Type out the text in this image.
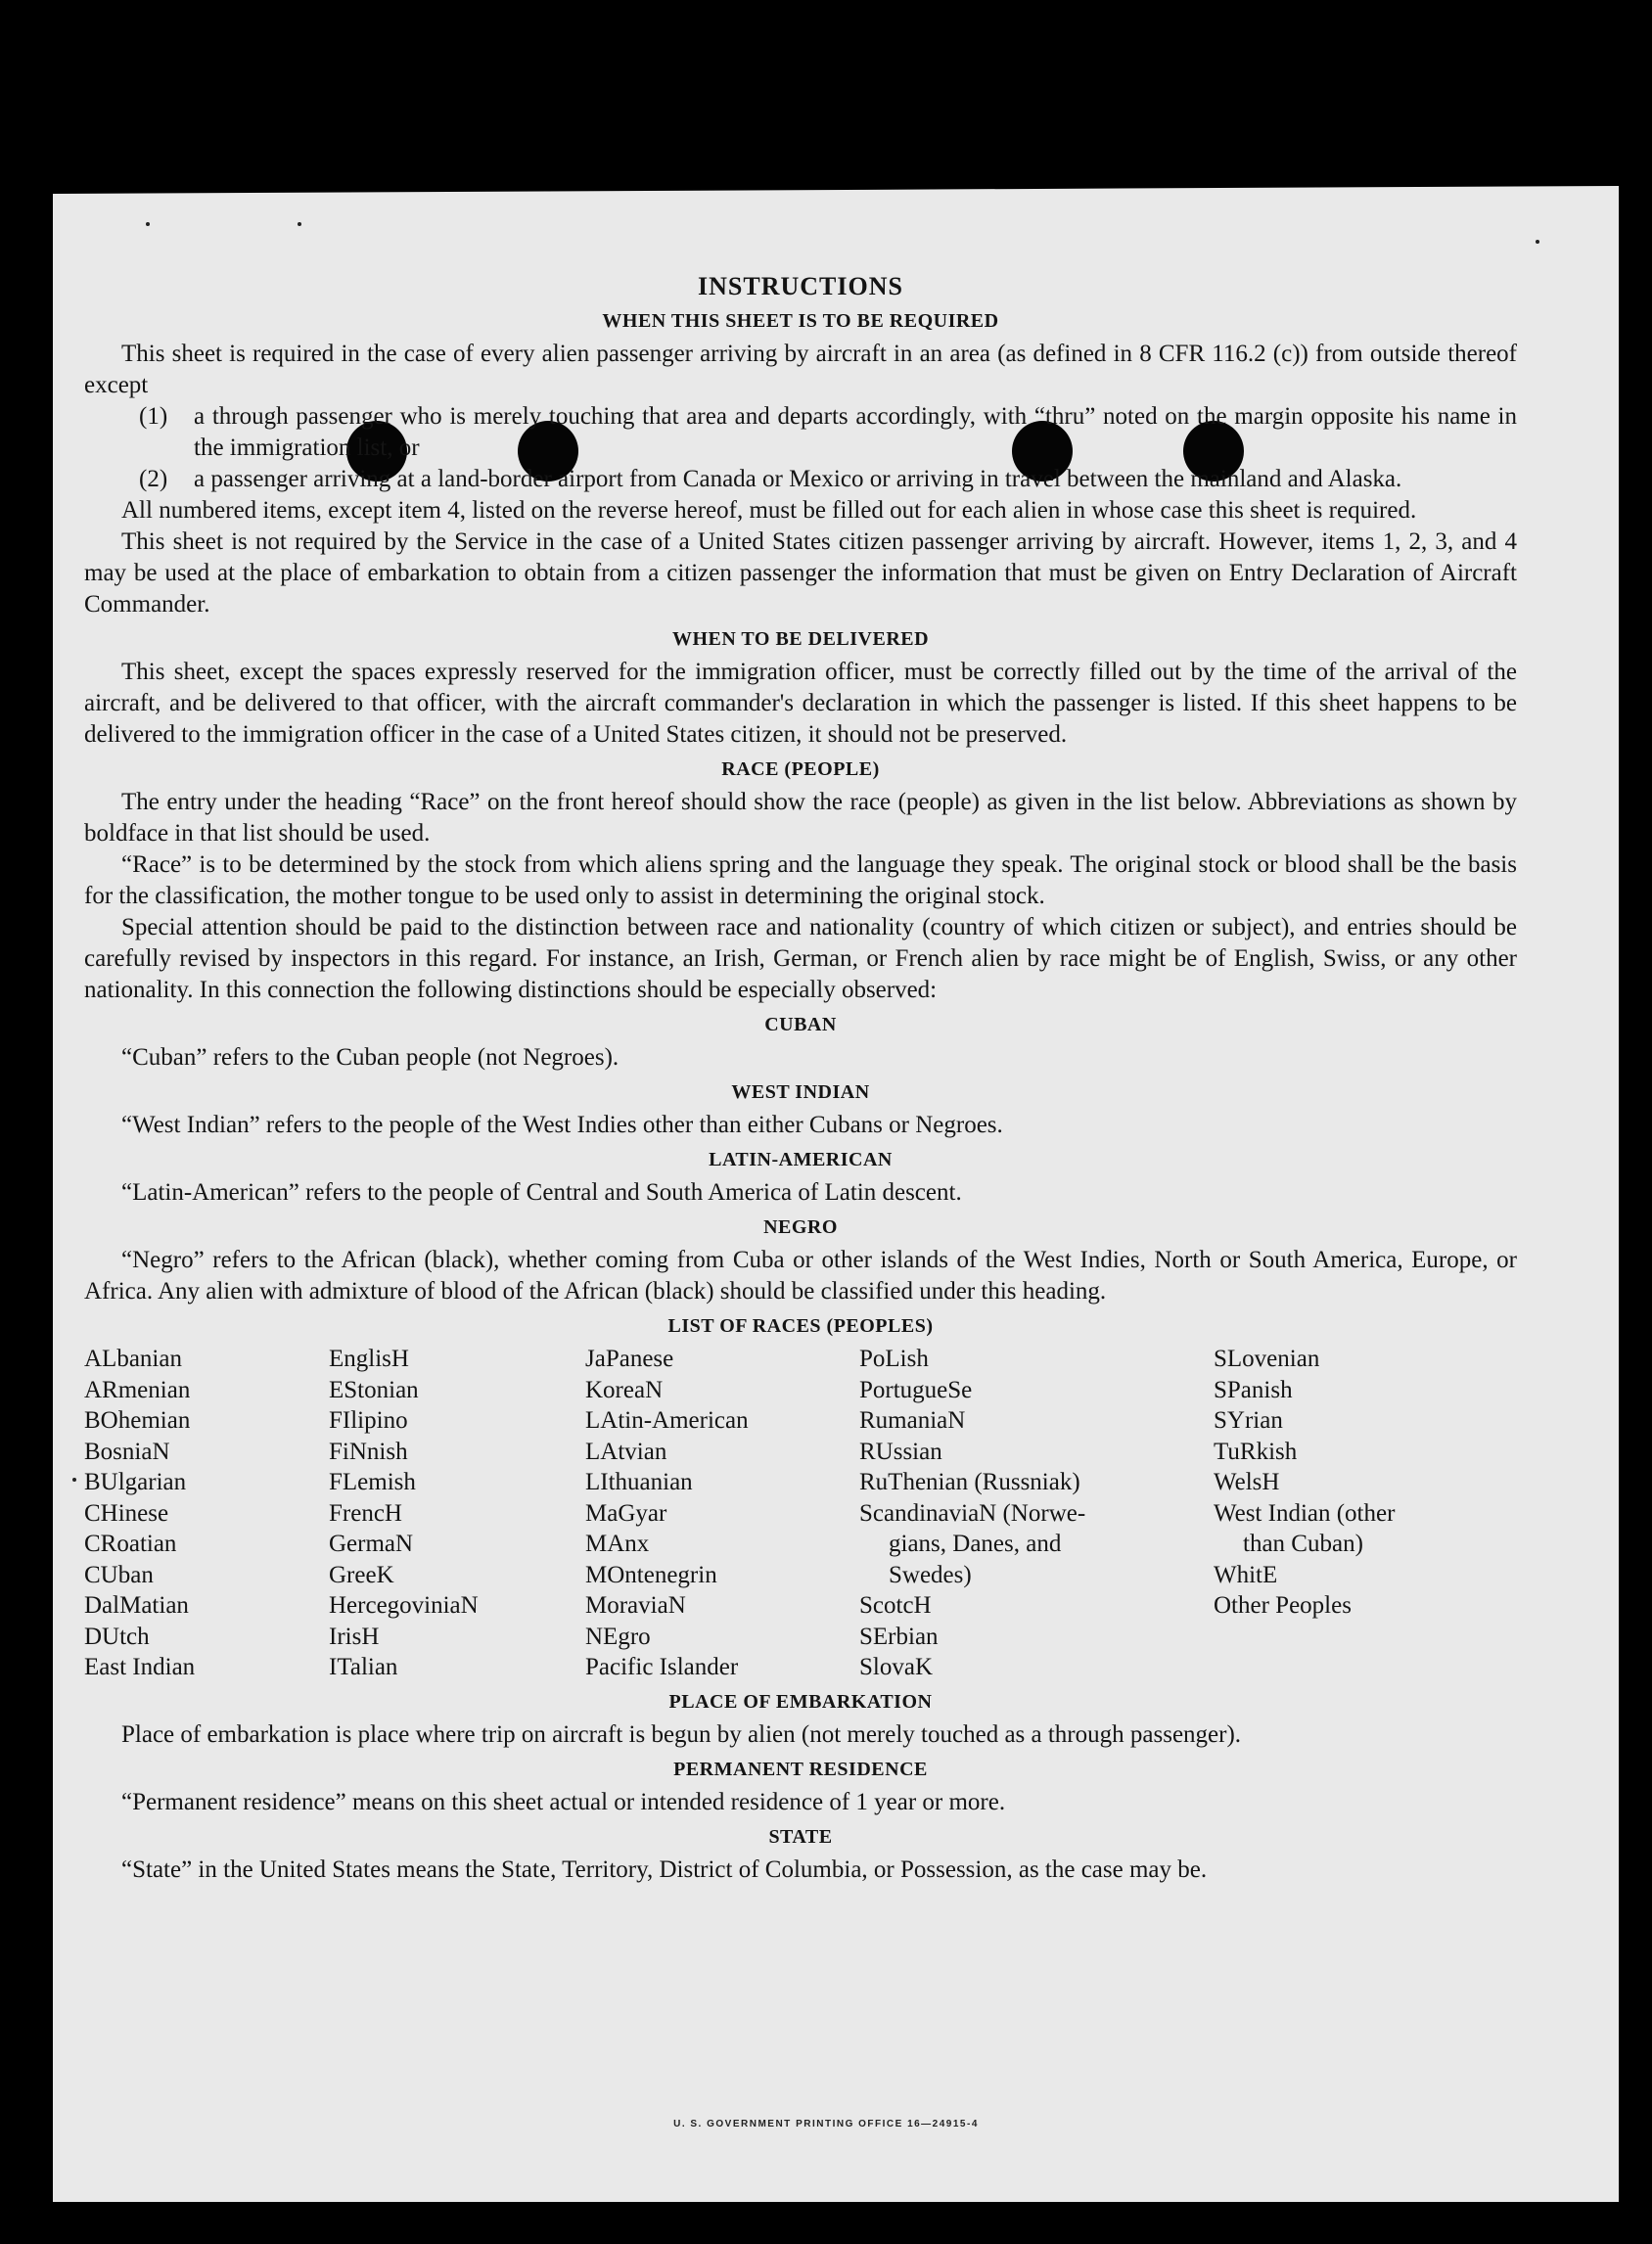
INSTRUCTIONS
WHEN THIS SHEET IS TO BE REQUIRED

This sheet is required in the case of every alien passenger arriving by aircraft in an area (as defined in 8 CFR 116.2 (c)) from outside thereof except

(1)	a through passenger who is merely touching that area and departs accordingly, with “thru” noted on the margin opposite his name in the immigration list, or
(2)	a passenger arriving at a land-border airport from Canada or Mexico or arriving in travel between the mainland and Alaska.

All numbered items, except item 4, listed on the reverse hereof, must be filled out for each alien in whose case this sheet is required.

This sheet is not required by the Service in the case of a United States citizen passenger arriving by aircraft. However, items 1, 2, 3, and 4 may be used at the place of embarkation to obtain from a citizen passenger the information that must be given on Entry Declaration of Aircraft Commander.

WHEN TO BE DELIVERED

This sheet, except the spaces expressly reserved for the immigration officer, must be correctly filled out by the time of the arrival of the aircraft, and be delivered to that officer, with the aircraft commander's declaration in which the passenger is listed. If this sheet happens to be delivered to the immigration officer in the case of a United States citizen, it should not be preserved.

RACE (PEOPLE)

The entry under the heading “Race” on the front hereof should show the race (people) as given in the list below. Abbreviations as shown by boldface in that list should be used.

“Race” is to be determined by the stock from which aliens spring and the language they speak. The original stock or blood shall be the basis for the classification, the mother tongue to be used only to assist in determining the original stock.

Special attention should be paid to the distinction between race and nationality (country of which citizen or subject), and entries should be carefully revised by inspectors in this regard. For instance, an Irish, German, or French alien by race might be of English, Swiss, or any other nationality. In this connection the following distinctions should be especially observed:

CUBAN

“Cuban” refers to the Cuban people (not Negroes).

WEST INDIAN

“West Indian” refers to the people of the West Indies other than either Cubans or Negroes.

LATIN-AMERICAN

“Latin-American” refers to the people of Central and South America of Latin descent.

NEGRO

“Negro” refers to the African (black), whether coming from Cuba or other islands of the West Indies, North or South America, Europe, or Africa. Any alien with admixture of blood of the African (black) should be classified under this heading.

LIST OF RACES (PEOPLES)
ALbanian
ARmenian
BOhemian
BosniaN
BUlgarian
CHinese
CRoatian
CUban
DalMatian
DUtch
East Indian
EnglisH
EStonian
FIlipino
FiNnish
FLemish
FrencH
GermaN
GreeK
HercegoviniaN
IrisH
ITalian
JaPanese
KoreaN
LAtin-American
LAtvian
LIthuanian
MaGyar
MAnx
MOntenegrin
MoraviaN
NEgro
Pacific Islander
PoLish
PortugueSe
RumaniaN
RUssian
RuThenian (Russniak)
ScandinaviaN (Norwe-
gians, Danes, and
Swedes)
ScotcH
SErbian
SlovaK
SLovenian
SPanish
SYrian
TuRkish
WelsH
West Indian (other
than Cuban)
WhitE
Other Peoples
PLACE OF EMBARKATION

Place of embarkation is place where trip on aircraft is begun by alien (not merely touched as a through passenger).

PERMANENT RESIDENCE

“Permanent residence” means on this sheet actual or intended residence of 1 year or more.

STATE

“State” in the United States means the State, Territory, District of Columbia, or Possession, as the case may be.

U. S. GOVERNMENT PRINTING OFFICE 16—24915-4
